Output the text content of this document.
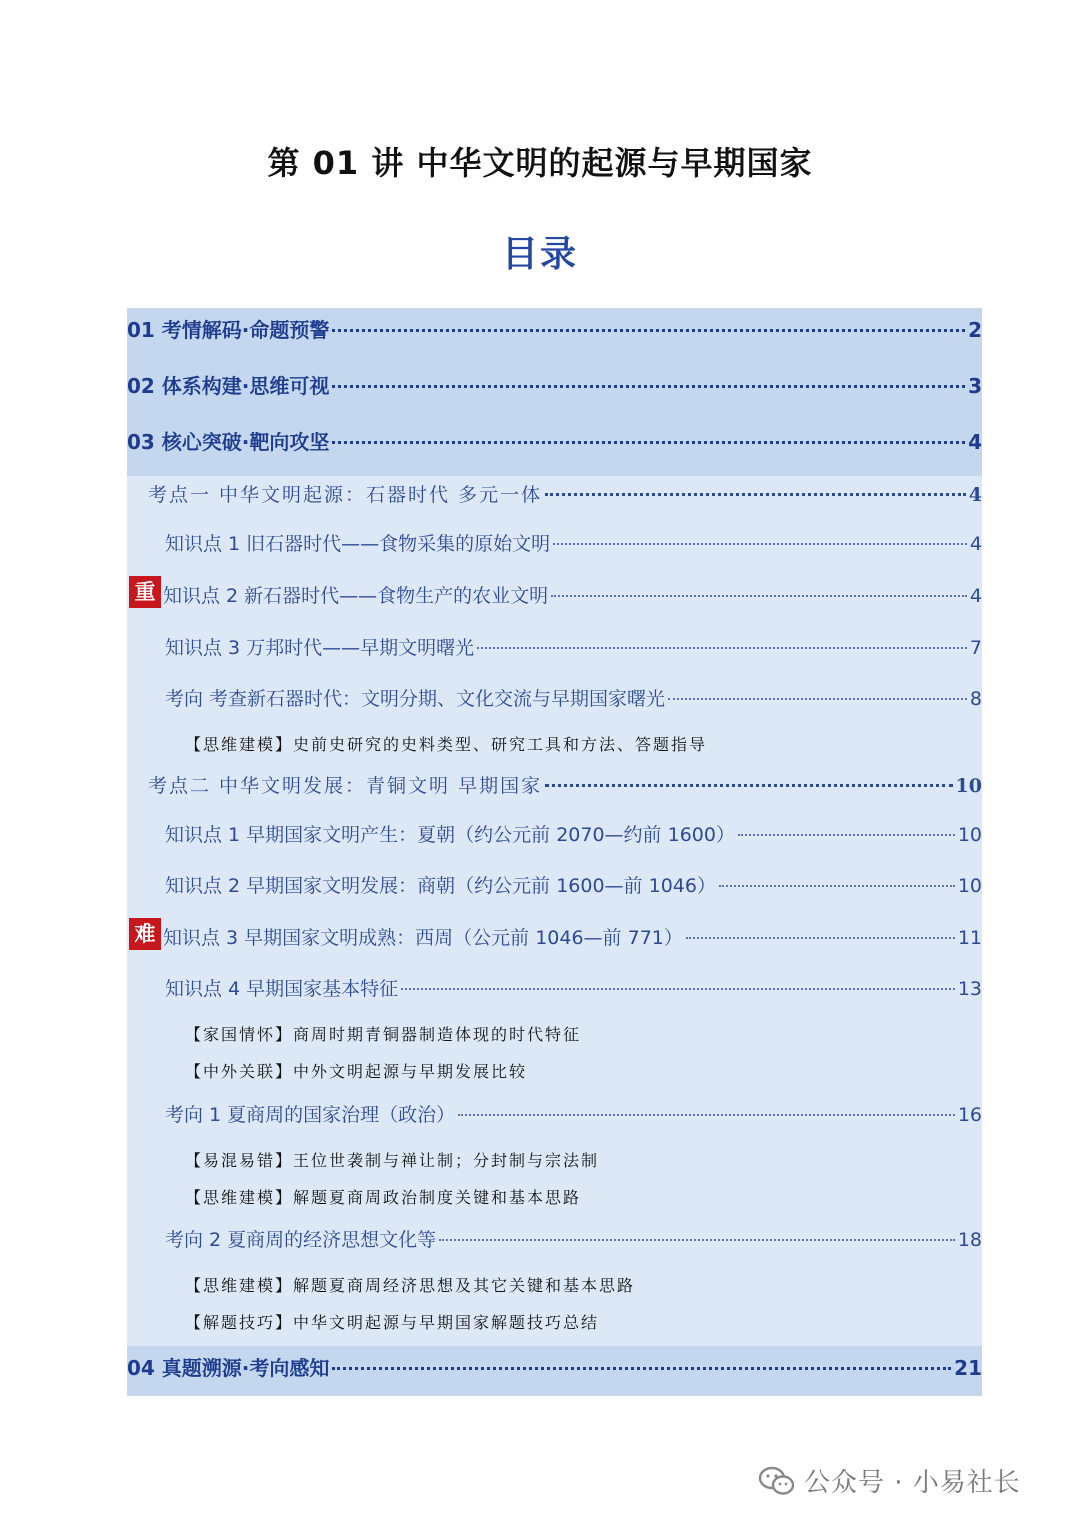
第 01 讲 中华文明的起源与早期国家
目录
01 考情解码·命题预警	2
02 体系构建·思维可视	3
03 核心突破·靶向攻坚	4
考点一 中华文明起源：石器时代 多元一体	4
知识点 1 旧石器时代——食物采集的原始文明	4
重 知识点 2 新石器时代——食物生产的农业文明	4
知识点 3 万邦时代——早期文明曙光	7
考向 考查新石器时代：文明分期、文化交流与早期国家曙光	8
【思维建模】史前史研究的史料类型、研究工具和方法、答题指导
考点二 中华文明发展：青铜文明 早期国家	10
知识点 1 早期国家文明产生：夏朝（约公元前 2070—约前 1600）	10
知识点 2 早期国家文明发展：商朝（约公元前 1600—前 1046）	10
难 知识点 3 早期国家文明成熟：西周（公元前 1046—前 771）	11
知识点 4 早期国家基本特征	13
【家国情怀】商周时期青铜器制造体现的时代特征
【中外关联】中外文明起源与早期发展比较
考向 1 夏商周的国家治理（政治）	16
【易混易错】王位世袭制与禅让制；分封制与宗法制
【思维建模】解题夏商周政治制度关键和基本思路
考向 2 夏商周的经济思想文化等	18
【思维建模】解题夏商周经济思想及其它关键和基本思路
【解题技巧】中华文明起源与早期国家解题技巧总结
04 真题溯源·考向感知	21
公众号 · 小易社长
